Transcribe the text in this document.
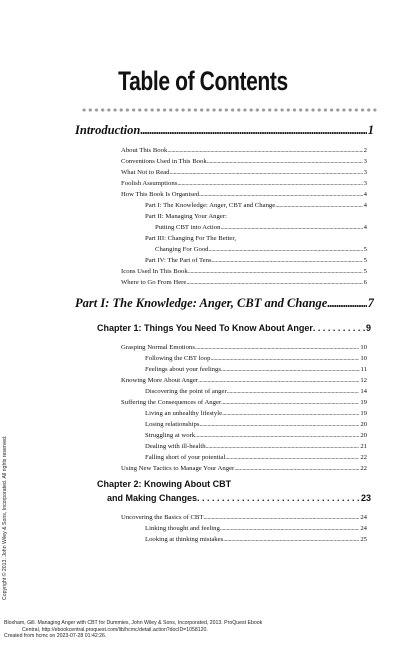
Table of Contents
Copyright © 2013. John Wiley & Sons, Incorporated. All rights reserved.
Introduction . . .	1
About This Book . . .	2
Conventions Used in This Book . . .	3
What Not to Read . . .	3
Foolish Assumptions . . .	3
How This Book Is Organised . . .	4
Part I: The Knowledge: Anger, CBT and Change . . .	4
Part II: Managing Your Anger:
Putting CBT into Action . . .	4
Part III: Changing For The Better,
Changing For Good . . .	5
Part IV: The Part of Tens . . .	5
Icons Used In This Book . . .	5
Where to Go From Here . . .	6
Part I: The Knowledge: Anger, CBT and Change . . .	7
Chapter 1: Things You Need To Know About Anger . . .	9
Grasping Normal Emotions . . .	10
Following the CBT loop . . .	10
Feelings about your feelings . . .	11
Knowing More About Anger . . .	12
Discovering the point of anger . . .	14
Suffering the Consequences of Anger . . .	19
Living an unhealthy lifestyle . . .	19
Losing relationships . . .	20
Struggling at work . . .	20
Dealing with ill-health . . .	21
Falling short of your potential . . .	22
Using New Tactics to Manage Your Anger . . .	22
Chapter 2: Knowing About CBT
and Making Changes . . .	23
Uncovering the Basics of CBT . . .	24
Linking thought and feeling . . .	24
Looking at thinking mistakes . . .	25
Bloxham, Gill. Managing Anger with CBT for Dummies, John Wiley & Sons, Incorporated, 2013. ProQuest Ebook
Central, http://ebookcentral.proquest.com/lib/hcmc/detail.action?docID=1058120.
Created from hcmc on 2023-07-28 01:42:26.
